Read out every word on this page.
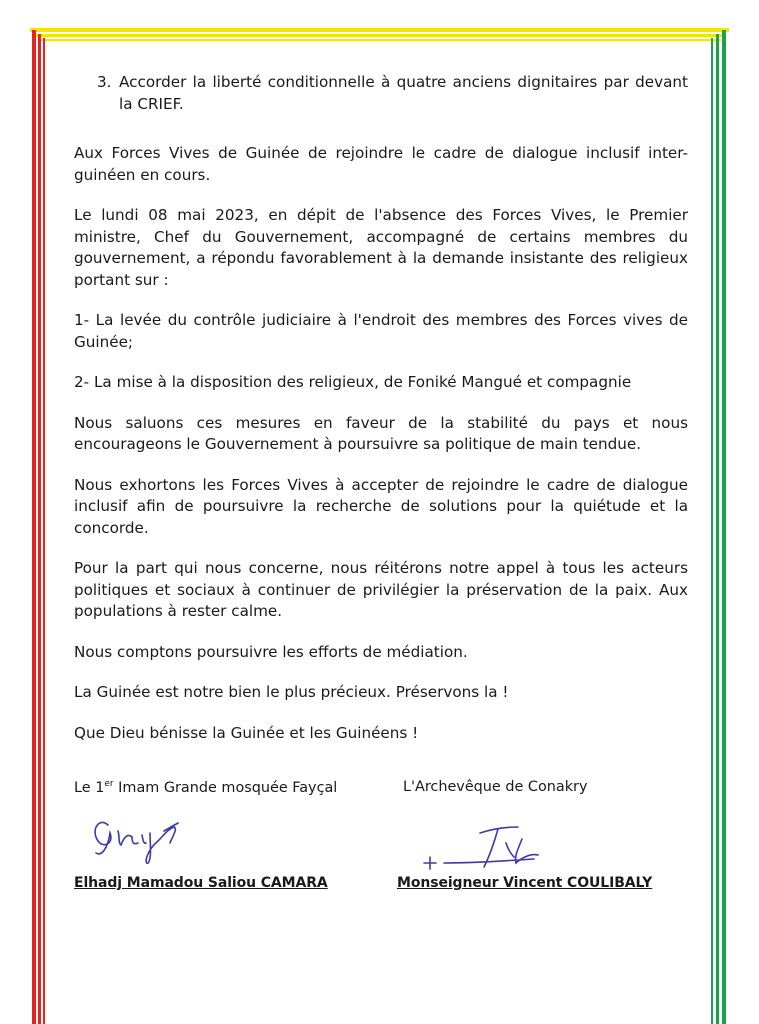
3. Accorder la liberté conditionnelle à quatre anciens dignitaires par devant la CRIEF.

Aux Forces Vives de Guinée de rejoindre le cadre de dialogue inclusif inter-guinéen en cours.

Le lundi 08 mai 2023, en dépit de l'absence des Forces Vives, le Premier ministre, Chef du Gouvernement, accompagné de certains membres du gouvernement, a répondu favorablement à la demande insistante des religieux portant sur :

1- La levée du contrôle judiciaire à l'endroit des membres des Forces vives de Guinée;

2- La mise à la disposition des religieux, de Foniké Mangué et compagnie

Nous saluons ces mesures en faveur de la stabilité du pays et nous encourageons le Gouvernement à poursuivre sa politique de main tendue.

Nous exhortons les Forces Vives à accepter de rejoindre le cadre de dialogue inclusif afin de poursuivre la recherche de solutions pour la quiétude et la concorde.

Pour la part qui nous concerne, nous réitérons notre appel à tous les acteurs politiques et sociaux à continuer de privilégier la préservation de la paix. Aux populations à rester calme.

Nous comptons poursuivre les efforts de médiation.

La Guinée est notre bien le plus précieux. Préservons la !

Que Dieu bénisse la Guinée et les Guinéens !

Le 1er Imam Grande mosquée Fayçal	L'Archevêque de Conakry
Elhadj Mamadou Saliou CAMARA	Monseigneur Vincent COULIBALY
